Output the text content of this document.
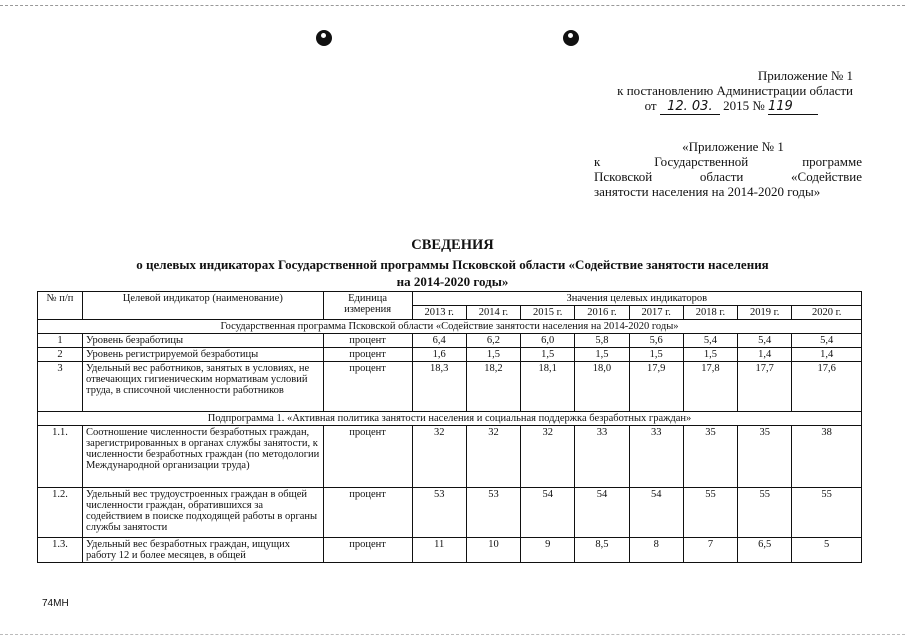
Приложение № 1
к постановлению Администрации области
от 12. 03. 2015 № 119
«Приложение № 1
к Государственной программе
Псковской области «Содействие
занятости населения на 2014-2020 годы»
СВЕДЕНИЯ
о целевых индикаторах Государственной программы Псковской области «Содействие занятости населения
на 2014-2020 годы»
№ п/п	Целевой индикатор (наименование)	Единица измерения	Значения целевых индикаторов							
			2013 г.	2014 г.	2015 г.	2016 г.	2017 г.	2018 г.	2019 г.	2020 г.
Государственная программа Псковской области «Содействие занятости населения на 2014-2020 годы»										
1	Уровень безработицы	процент	6,4	6,2	6,0	5,8	5,6	5,4	5,4	5,4
2	Уровень регистрируемой безработицы	процент	1,6	1,5	1,5	1,5	1,5	1,5	1,4	1,4
3	Удельный вес работников, занятых в условиях, не отвечающих гигиеническим нормативам условий труда, в списочной численности работников	процент	18,3	18,2	18,1	18,0	17,9	17,8	17,7	17,6
Подпрограмма 1. «Активная политика занятости населения и социальная поддержка безработных граждан»										
1.1.	Соотношение численности безработных граждан, зарегистрированных в органах службы занятости, к численности безработных граждан (по методологии Международной организации труда)	процент	32	32	32	33	33	35	35	38
1.2.	Удельный вес трудоустроенных граждан в общей численности граждан, обратившихся за содействием в поиске подходящей работы в органы службы занятости	процент	53	53	54	54	54	55	55	55
1.3.	Удельный вес безработных граждан, ищущих работу 12 и более месяцев, в общей	процент	11	10	9	8,5	8	7	6,5	5
74МН
